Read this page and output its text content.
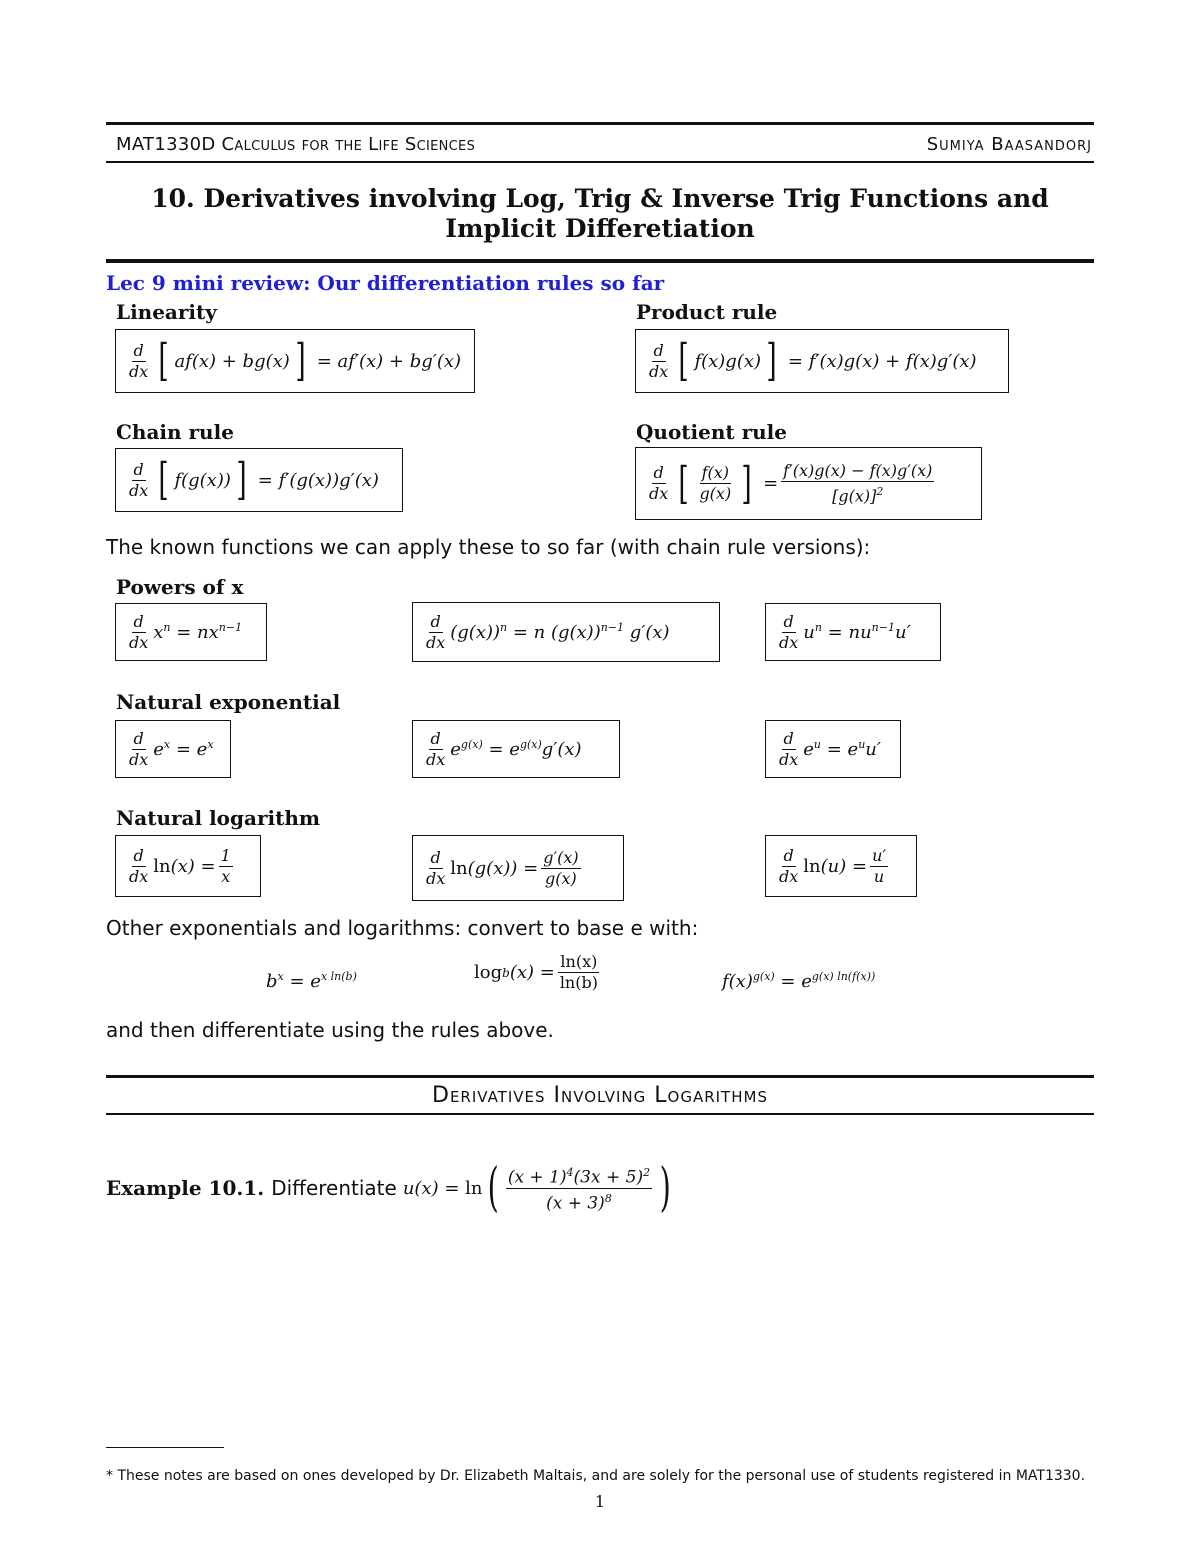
MAT1330D Calculus for the Life Sciences	Sumiya Baasandorj
10. Derivatives involving Log, Trig & Inverse Trig Functions and Implicit Differetiation
Lec 9 mini review: Our differentiation rules so far
Linearity
$\frac{d}{dx}$ [ af(x) + bg(x) ] = af′(x) + bg′(x)
Product rule
$\frac{d}{dx}$ [ f(x)g(x) ] = f′(x)g(x) + f(x)g′(x)
Chain rule
$\frac{d}{dx}$ [ f(g(x)) ] = f′(g(x))g′(x)
Quotient rule
$\frac{d}{dx}$ [ $\frac{f(x)}{g(x)}$ ] = $\frac{f'(x)g(x) - f(x)g'(x)}{[g(x)]^2}$
The known functions we can apply these to so far (with chain rule versions):
Powers of x
$\frac{d}{dx} x^n = nx^{n-1}$	$\frac{d}{dx} (g(x))^n = n$ $(g(x))^{n-1}$ g′(x)	$\frac{d}{dx} u^n = nu^{n-1}u'$
Natural exponential
$\frac{d}{dx} e^x = e^x$	$\frac{d}{dx} e^{g(x)} = e^{g(x)}g'(x)$	$\frac{d}{dx} e^u = e^uu'$
Natural logarithm
$\frac{d}{dx}$ $\ln (x) = \frac{1}{x}$	$\frac{d}{dx}$ $\ln (g(x)) = \frac{g'(x)}{g(x)}$	$\frac{d}{dx}$ $\ln (u) = \frac{u'}{u}$
Other exponentials and logarithms: convert to base e with:
$b^x = e^{x ln(b)}$	log b $(x) = \frac{\ln(x)}{\ln(b)}$	$f(x)^{g(x)} = e^{g(x) ln(f(x))}$
and then differentiate using the rules above.
Derivatives Involving Logarithms
Example 10.1 . Differentiate u(x) = ln ( $\frac{(x + 1)^4(3x + 5)^2}{(x + 3)^8}$ )
* These notes are based on ones developed by Dr. Elizabeth Maltais, and are solely for the personal use of students registered in MAT1330.
1
